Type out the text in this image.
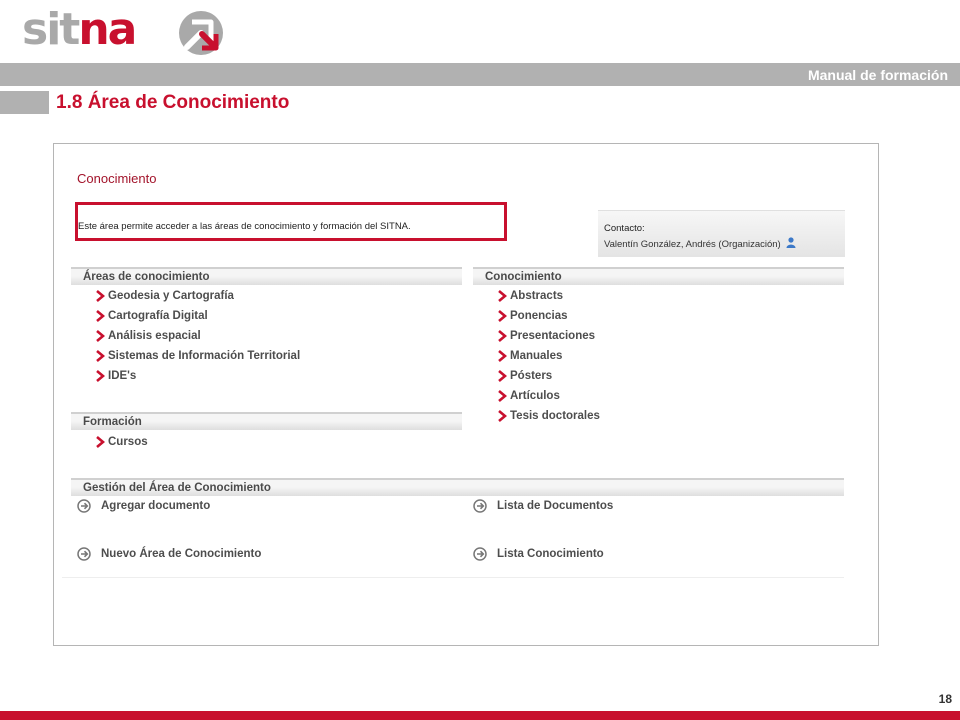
sitna
Manual de formación
1.8 Área de Conocimiento
Conocimiento
Este área permite acceder a las áreas de conocimiento y formación del SITNA.	Contacto:
Valentín González, Andrés (Organización)
Áreas de conocimiento
Geodesia y Cartografía
Cartografía Digital
Análisis espacial
Sistemas de Información Territorial
IDE's
Formación
Cursos
Conocimiento
Abstracts
Ponencias
Presentaciones
Manuales
Pósters
Artículos
Tesis doctorales
Gestión del Área de Conocimiento
Agregar documento	Lista de Documentos
Nuevo Área de Conocimiento	Lista Conocimiento
18
